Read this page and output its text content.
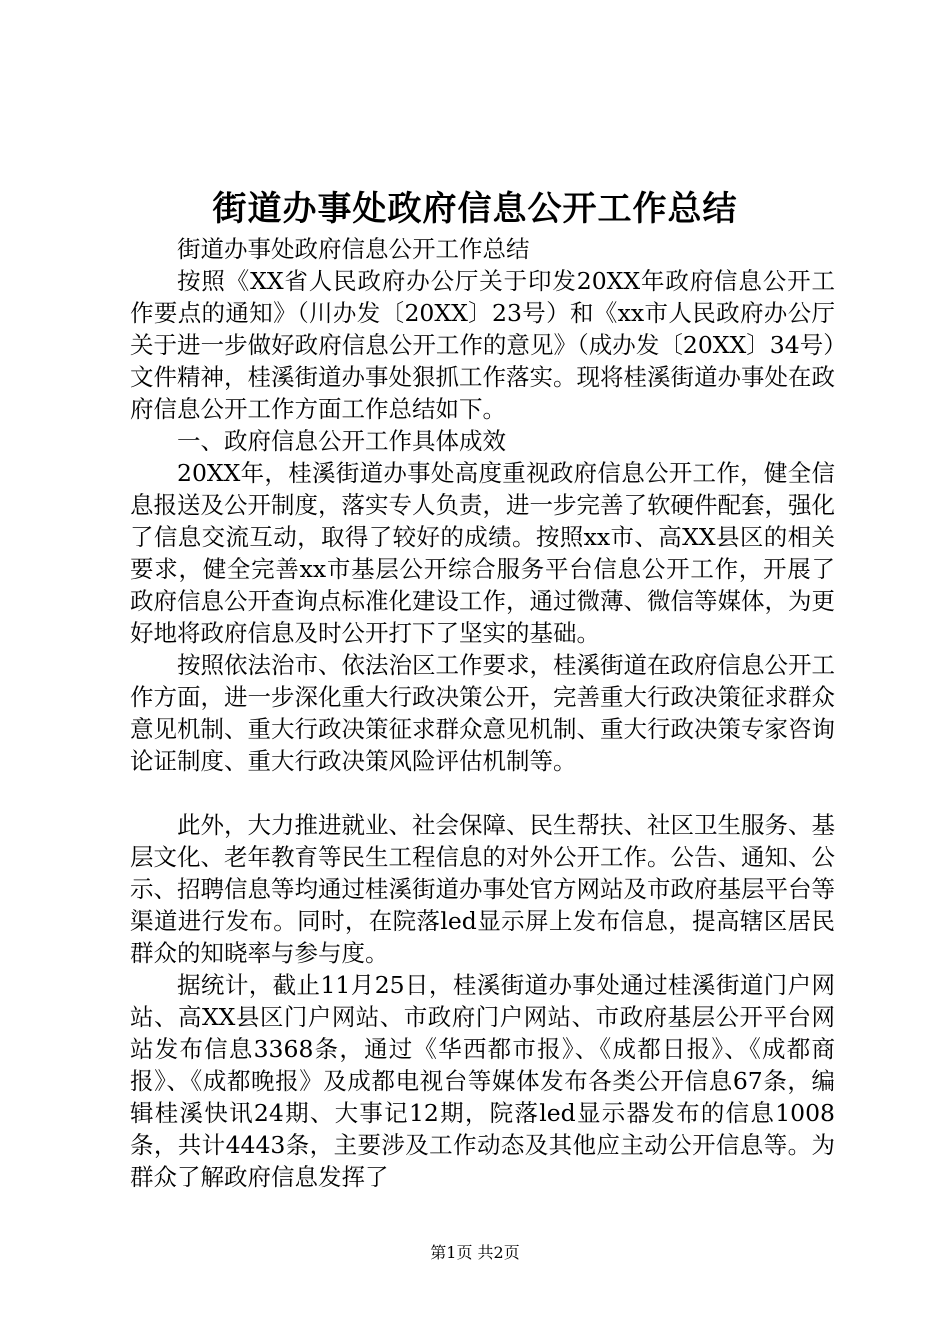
街道办事处政府信息公开工作总结

街道办事处政府信息公开工作总结

按照《XX省人民政府办公厅关于印发20XX年政府信息公开工作要点的通知》（川办发〔20XX〕23号）和《xx市人民政府办公厅关于进一步做好政府信息公开工作的意见》（成办发〔20XX〕34号）文件精神，桂溪街道办事处狠抓工作落实。现将桂溪街道办事处在政府信息公开工作方面工作总结如下。

一、政府信息公开工作具体成效

20XX年，桂溪街道办事处高度重视政府信息公开工作，健全信息报送及公开制度，落实专人负责，进一步完善了软硬件配套，强化了信息交流互动，取得了较好的成绩。按照xx市、高XX县区的相关要求，健全完善xx市基层公开综合服务平台信息公开工作，开展了政府信息公开查询点标准化建设工作，通过微薄、微信等媒体，为更好地将政府信息及时公开打下了坚实的基础。

按照依法治市、依法治区工作要求，桂溪街道在政府信息公开工作方面，进一步深化重大行政决策公开，完善重大行政决策征求群众意见机制、重大行政决策征求群众意见机制、重大行政决策专家咨询论证制度、重大行政决策风险评估机制等。

此外，大力推进就业、社会保障、民生帮扶、社区卫生服务、基层文化、老年教育等民生工程信息的对外公开工作。公告、通知、公示、招聘信息等均通过桂溪街道办事处官方网站及市政府基层平台等渠道进行发布。同时，在院落led显示屏上发布信息，提高辖区居民群众的知晓率与参与度。

据统计，截止11月25日，桂溪街道办事处通过桂溪街道门户网站、高XX县区门户网站、市政府门户网站、市政府基层公开平台网站发布信息3368条，通过《华西都市报》、《成都日报》、《成都商报》、《成都晚报》及成都电视台等媒体发布各类公开信息67条，编辑桂溪快讯24期、大事记12期，院落led显示器发布的信息1008条，共计4443条，主要涉及工作动态及其他应主动公开信息等。为群众了解政府信息发挥了

第1页 共2页
